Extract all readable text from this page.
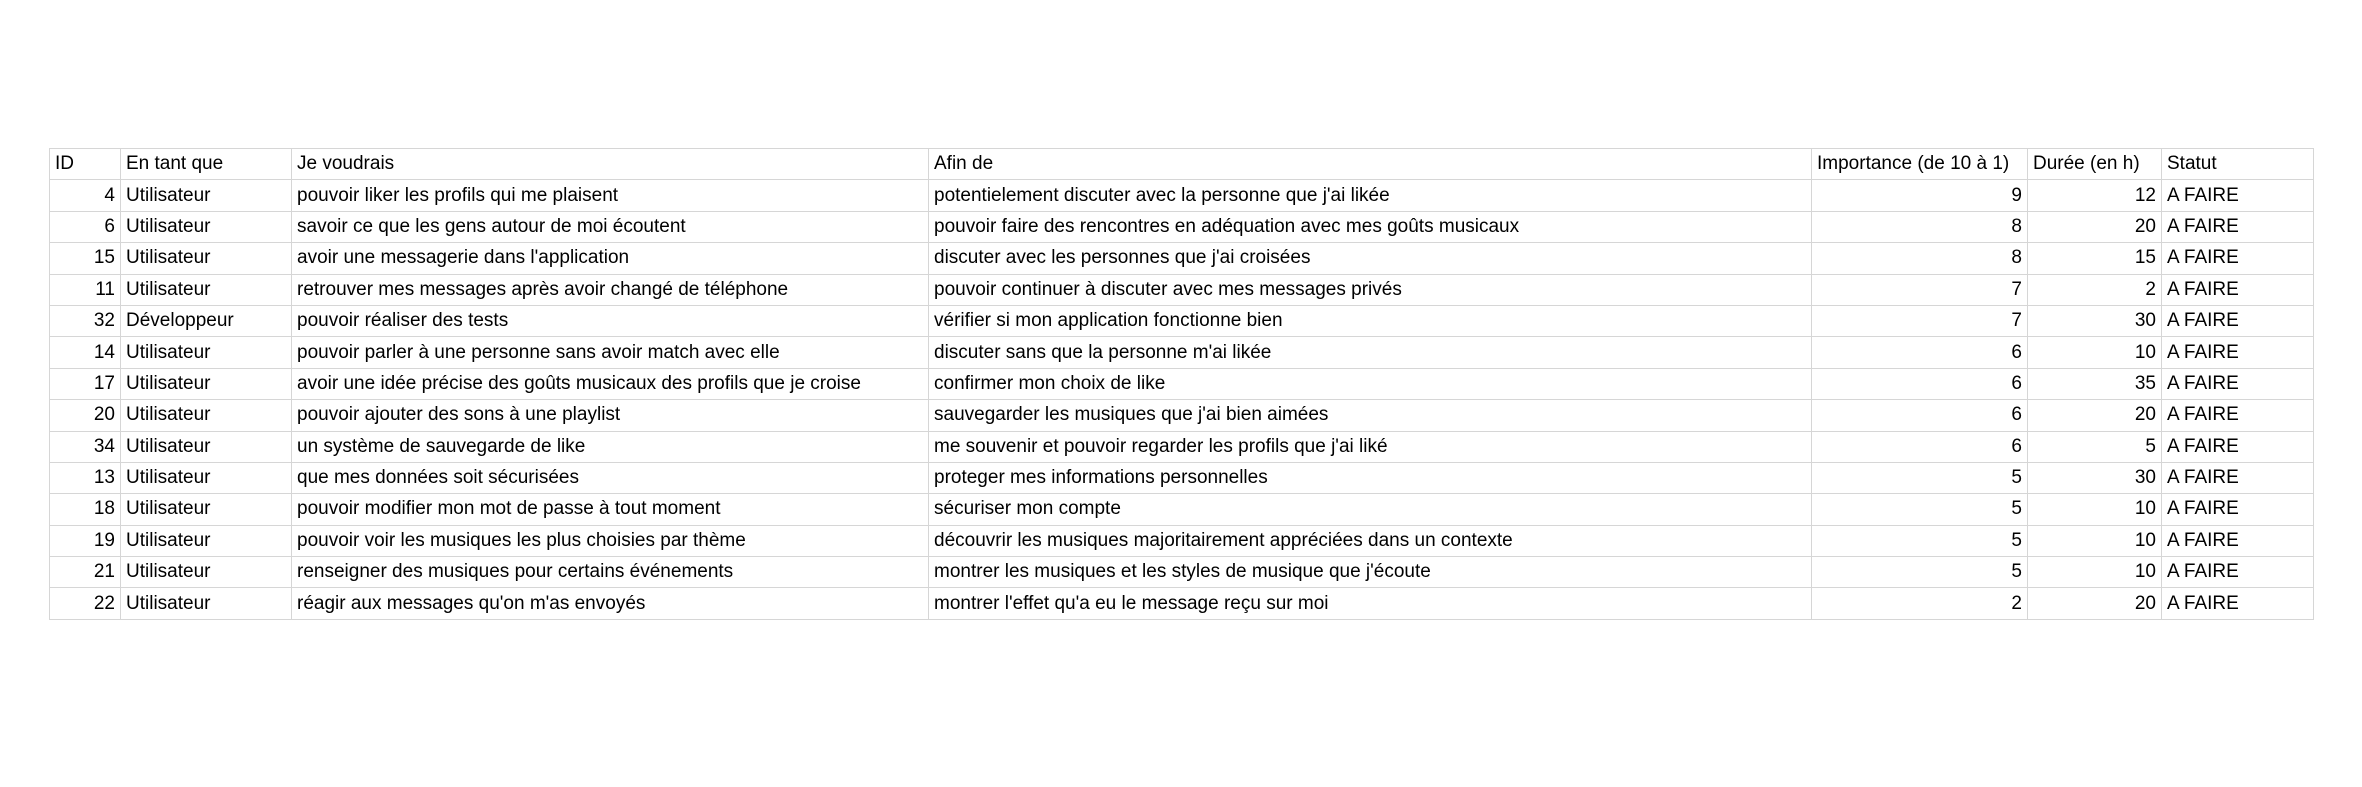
ID	En tant que	Je voudrais	Afin de	Importance (de 10 à 1)	Durée (en h)	Statut
4	Utilisateur	pouvoir liker les profils qui me plaisent	potentielement discuter avec la personne que j'ai likée	9	12	A FAIRE
6	Utilisateur	savoir ce que les gens autour de moi écoutent	pouvoir faire des rencontres en adéquation avec mes goûts musicaux	8	20	A FAIRE
15	Utilisateur	avoir une messagerie dans l'application	discuter avec les personnes que j'ai croisées	8	15	A FAIRE
11	Utilisateur	retrouver mes messages après avoir changé de téléphone	pouvoir continuer à discuter avec mes messages privés	7	2	A FAIRE
32	Développeur	pouvoir réaliser des tests	vérifier si mon application fonctionne bien	7	30	A FAIRE
14	Utilisateur	pouvoir parler à une personne sans avoir match avec elle	discuter sans que la personne m'ai likée	6	10	A FAIRE
17	Utilisateur	avoir une idée précise des goûts musicaux des profils que je croise	confirmer mon choix de like	6	35	A FAIRE
20	Utilisateur	pouvoir ajouter des sons à une playlist	sauvegarder les musiques que j'ai bien aimées	6	20	A FAIRE
34	Utilisateur	un système de sauvegarde de like	me souvenir et pouvoir regarder les profils que j'ai liké	6	5	A FAIRE
13	Utilisateur	que mes données soit sécurisées	proteger mes informations personnelles	5	30	A FAIRE
18	Utilisateur	pouvoir modifier mon mot de passe à tout moment	sécuriser mon compte	5	10	A FAIRE
19	Utilisateur	pouvoir voir les musiques les plus choisies par thème	découvrir les musiques majoritairement appréciées dans un contexte	5	10	A FAIRE
21	Utilisateur	renseigner des musiques pour certains événements	montrer les musiques et les styles de musique que j'écoute	5	10	A FAIRE
22	Utilisateur	réagir aux messages qu'on m'as envoyés	montrer l'effet qu'a eu le message reçu sur moi	2	20	A FAIRE
